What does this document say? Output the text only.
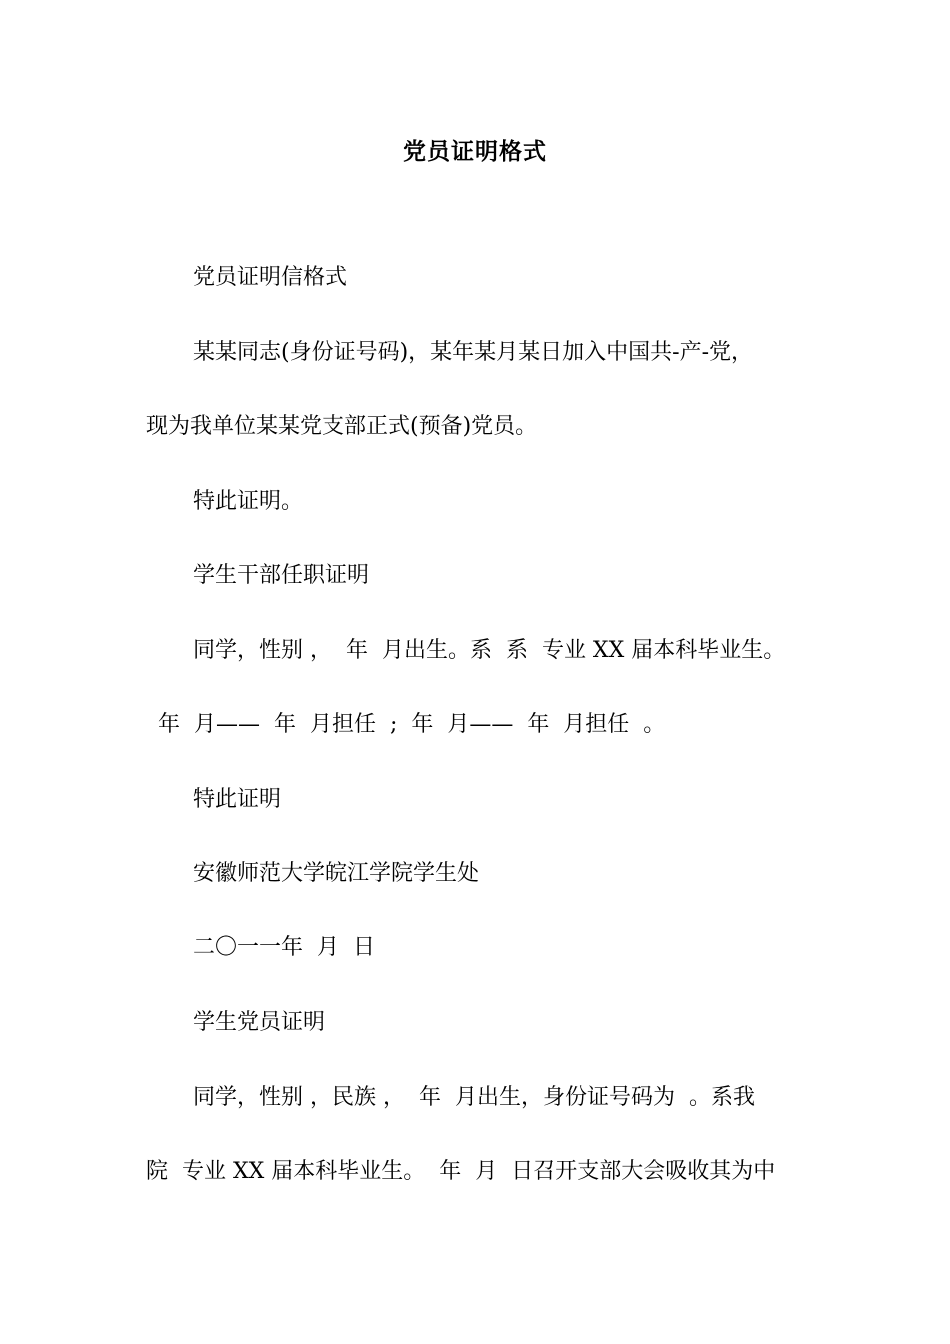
党员证明格式
党员证明信格式
某某同志(身份证号码)，某年某月某日加入中国共-产-党，
现为我单位某某党支部正式(预备)党员。
特此证明。
学生干部任职证明
同学，性别 ，  年  月出生。系  系  专业 XX 届本科毕业生。
年  月——  年  月担任  ;  年  月——  年  月担任  。
特此证明
安徽师范大学皖江学院学生处
二〇一一年  月  日
学生党员证明
同学，性别 ，民族 ，  年  月出生，身份证号码为  。系我
院  专业 XX 届本科毕业生。  年  月  日召开支部大会吸收其为中
